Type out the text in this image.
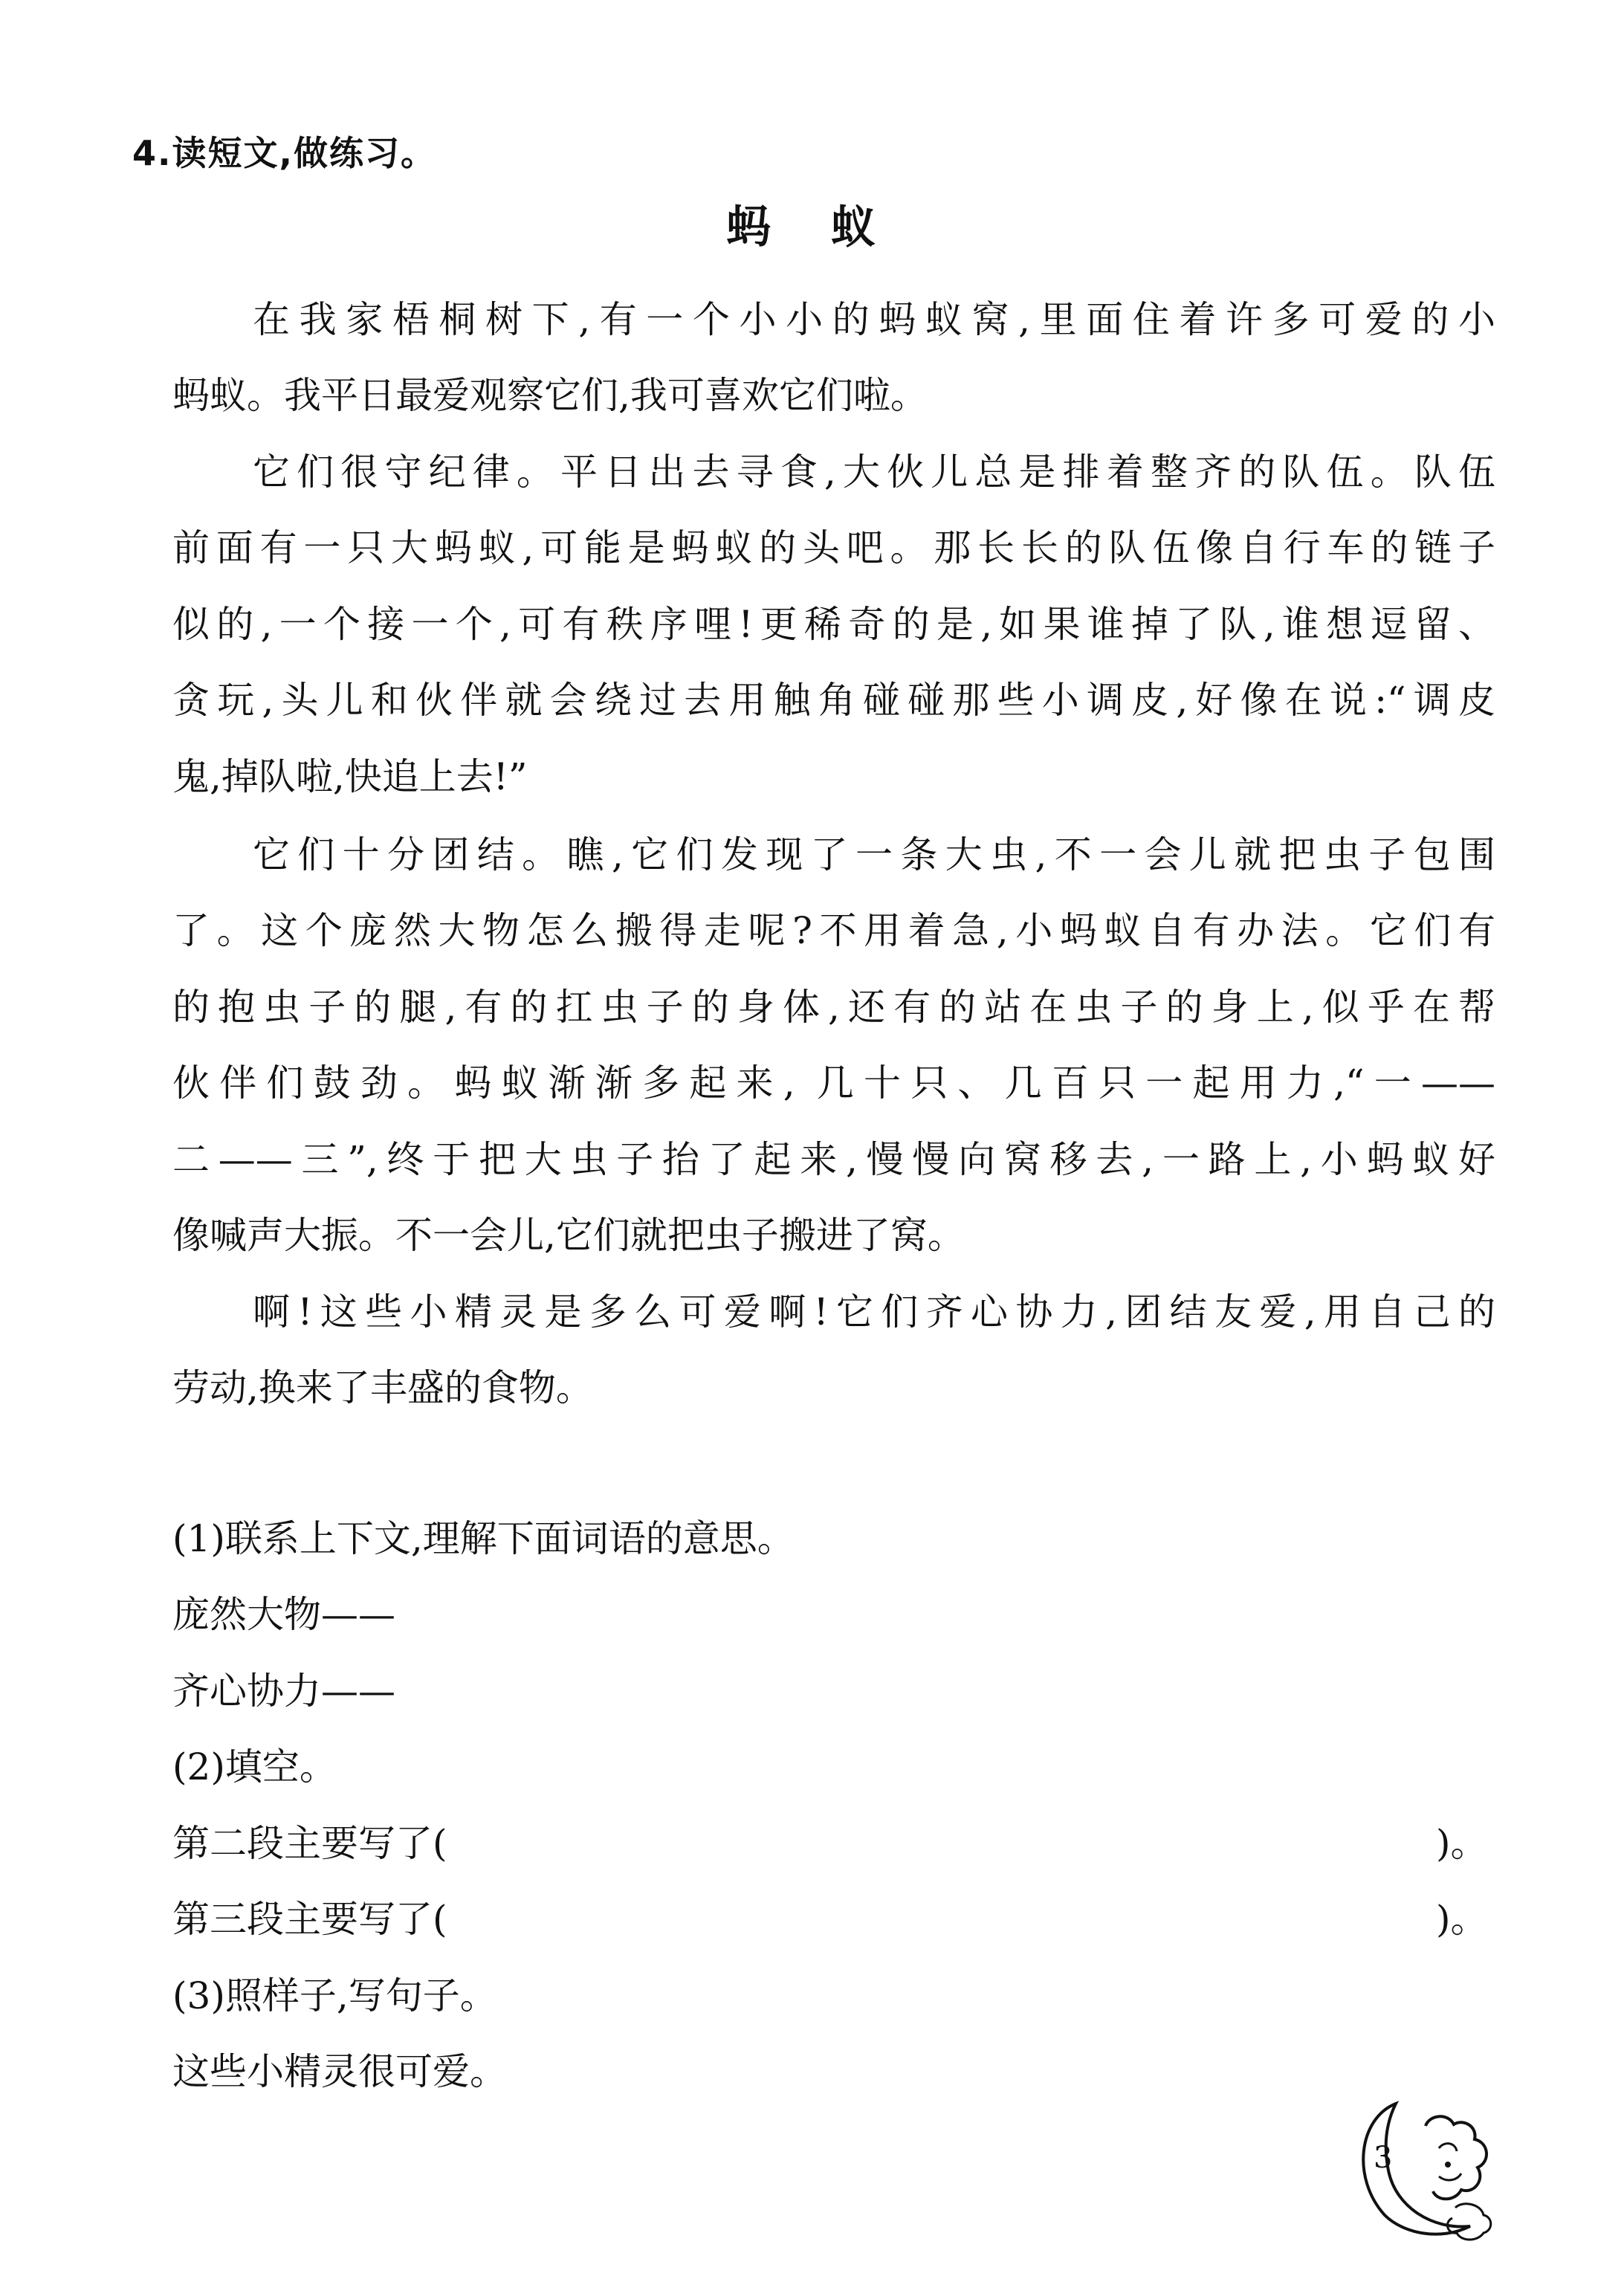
4.读短文,做练习。
蚂 蚁
在我家梧桐树下,有一个小小的蚂蚁窝,里面住着许多可爱的小
蚂蚁。我平日最爱观察它们,我可喜欢它们啦。
它们很守纪律。平日出去寻食,大伙儿总是排着整齐的队伍。队伍
前面有一只大蚂蚁,可能是蚂蚁的头吧。那长长的队伍像自行车的链子
似的,一个接一个,可有秩序哩!更稀奇的是,如果谁掉了队,谁想逗留、
贪玩,头儿和伙伴就会绕过去用触角碰碰那些小调皮,好像在说:“调皮
鬼,掉队啦,快追上去!”
它们十分团结。瞧,它们发现了一条大虫,不一会儿就把虫子包围
了。这个庞然大物怎么搬得走呢?不用着急,小蚂蚁自有办法。它们有
的抱虫子的腿,有的扛虫子的身体,还有的站在虫子的身上,似乎在帮
伙伴们鼓劲。蚂蚁渐渐多起来, 几十只、几百只一起用力,“一——
二——三”,终于把大虫子抬了起来,慢慢向窝移去,一路上,小蚂蚁好
像喊声大振。不一会儿,它们就把虫子搬进了窝。
啊!这些小精灵是多么可爱啊!它们齐心协力,团结友爱,用自己的
劳动,换来了丰盛的食物。
(1)联系上下文,理解下面词语的意思。
庞然大物——
齐心协力——
(2)填空。
第二段主要写了(	)。
第三段主要写了(	)。
(3)照样子,写句子。
这些小精灵很可爱。
3
